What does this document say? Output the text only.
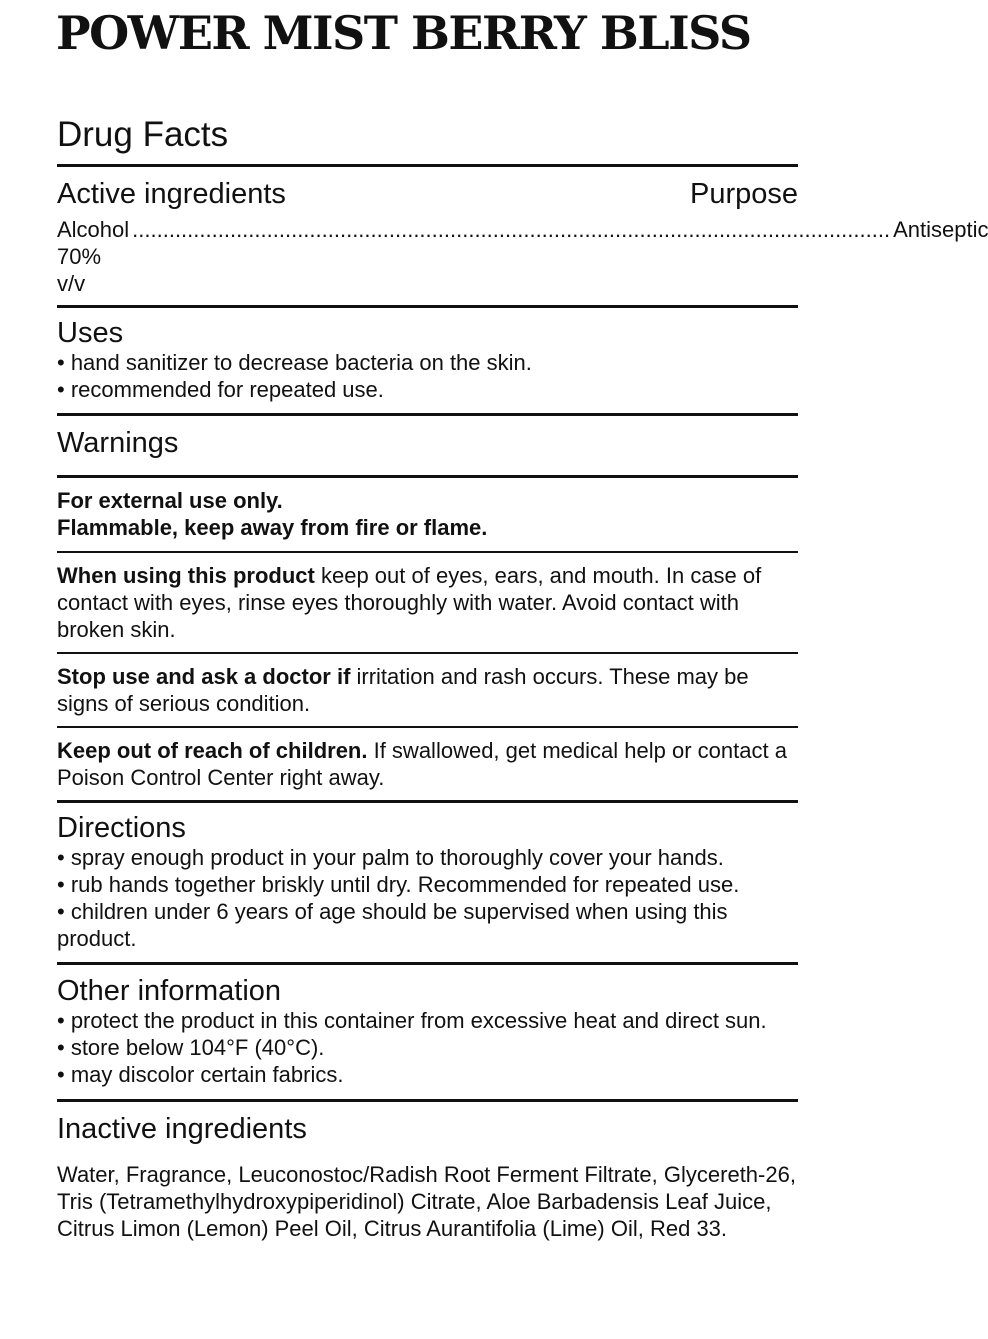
POWER MIST BERRY BLISS
Drug Facts
Active ingredients	Purpose
Alcohol 70% v/v
............................................................................................................................ Antiseptic
Uses
• hand sanitizer to decrease bacteria on the skin.
• recommended for repeated use.
Warnings
For external use only.
Flammable, keep away from fire or flame.
When using this product keep out of eyes, ears, and mouth. In case of contact with eyes, rinse eyes thoroughly with water. Avoid contact with broken skin.
Stop use and ask a doctor if irritation and rash occurs. These may be signs of serious condition.
Keep out of reach of children. If swallowed, get medical help or contact a Poison Control Center right away.
Directions
• spray enough product in your palm to thoroughly cover your hands.
• rub hands together briskly until dry. Recommended for repeated use.
• children under 6 years of age should be supervised when using this product.
Other information
• protect the product in this container from excessive heat and direct sun.
• store below 104°F (40°C).
• may discolor certain fabrics.
Inactive ingredients
Water, Fragrance, Leuconostoc/Radish Root Ferment Filtrate, Glycereth-26, Tris (Tetramethylhydroxypiperidinol) Citrate, Aloe Barbadensis Leaf Juice, Citrus Limon (Lemon) Peel Oil, Citrus Aurantifolia (Lime) Oil, Red 33.
